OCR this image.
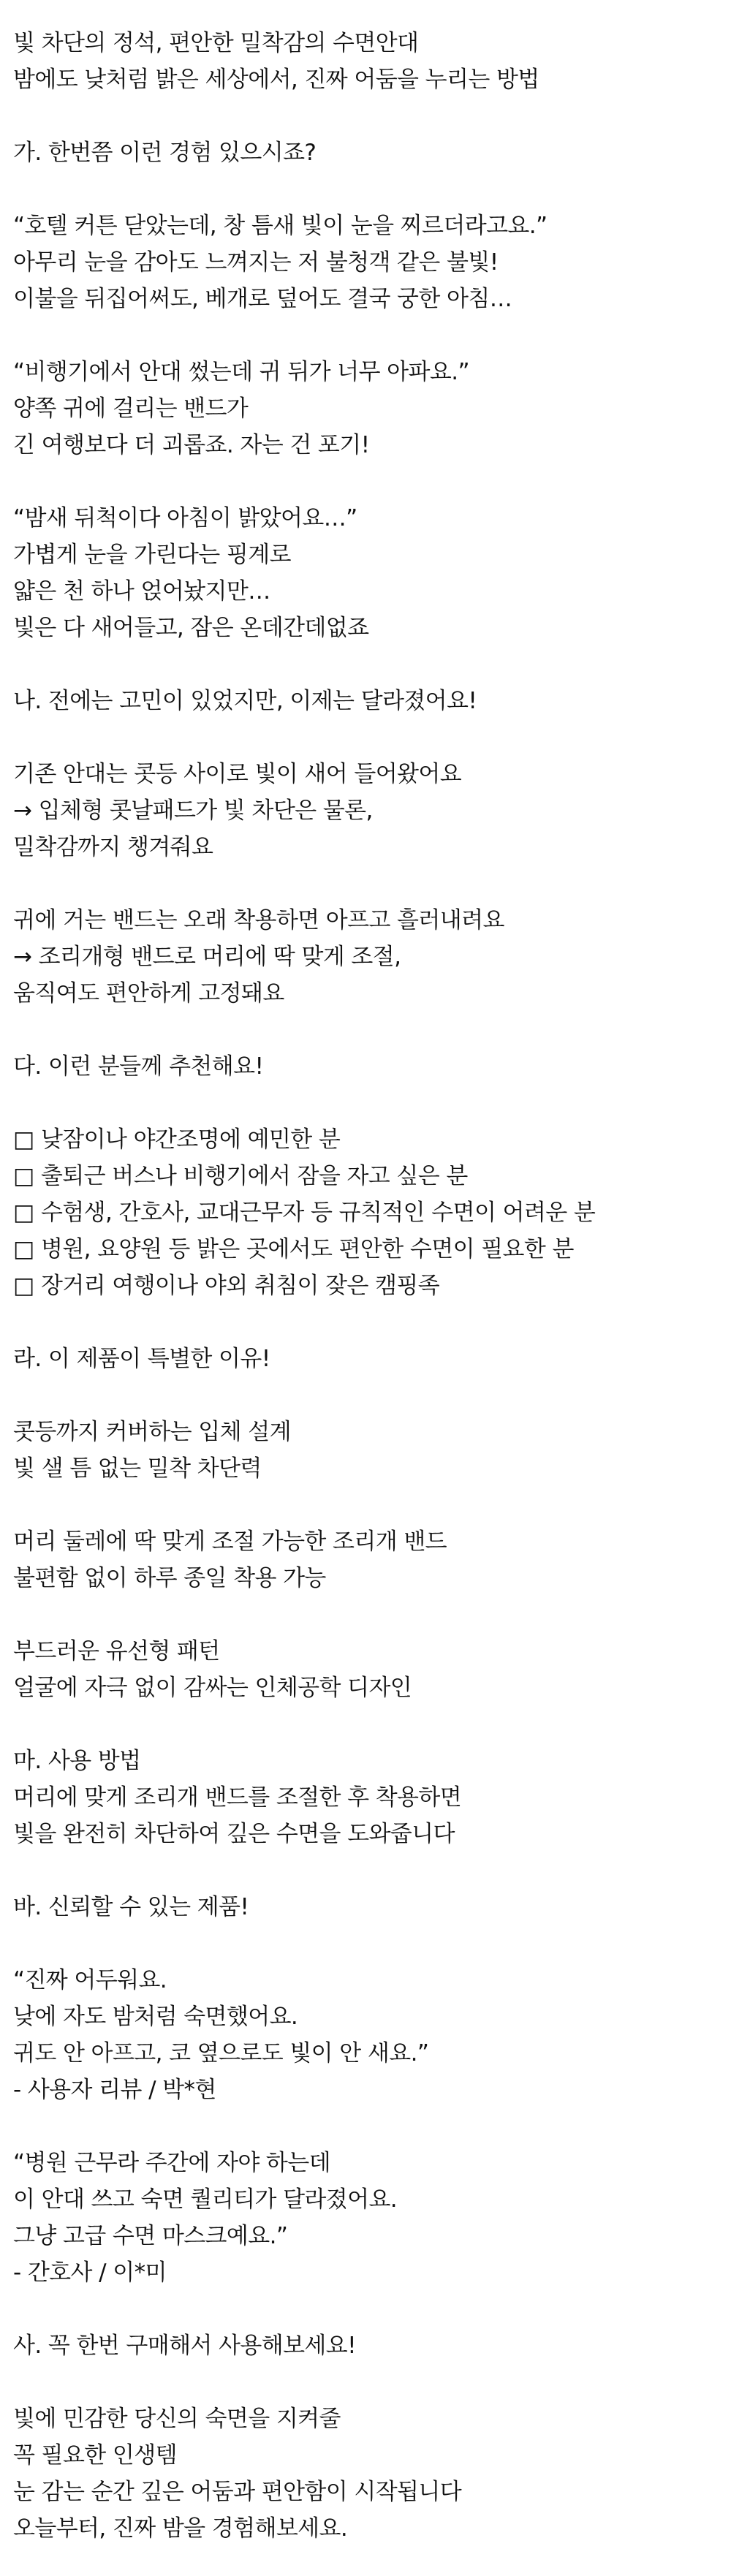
빛 차단의 정석, 편안한 밀착감의 수면안대
밤에도 낮처럼 밝은 세상에서, 진짜 어둠을 누리는 방법
가. 한번쯤 이런 경험 있으시죠?
“호텔 커튼 닫았는데, 창 틈새 빛이 눈을 찌르더라고요.”
아무리 눈을 감아도 느껴지는 저 불청객 같은 불빛!
이불을 뒤집어써도, 베개로 덮어도 결국 궁한 아침…
“비행기에서 안대 썼는데 귀 뒤가 너무 아파요.”
양쪽 귀에 걸리는 밴드가
긴 여행보다 더 괴롭죠. 자는 건 포기!
“밤새 뒤척이다 아침이 밝았어요…”
가볍게 눈을 가린다는 핑계로
얇은 천 하나 얹어놨지만…
빛은 다 새어들고, 잠은 온데간데없죠
나. 전에는 고민이 있었지만, 이제는 달라졌어요!
기존 안대는 콧등 사이로 빛이 새어 들어왔어요
→ 입체형 콧날패드가 빛 차단은 물론,
밀착감까지 챙겨줘요
귀에 거는 밴드는 오래 착용하면 아프고 흘러내려요
→ 조리개형 밴드로 머리에 딱 맞게 조절,
움직여도 편안하게 고정돼요
다. 이런 분들께 추천해요!
□ 낮잠이나 야간조명에 예민한 분
□ 출퇴근 버스나 비행기에서 잠을 자고 싶은 분
□ 수험생, 간호사, 교대근무자 등 규칙적인 수면이 어려운 분
□ 병원, 요양원 등 밝은 곳에서도 편안한 수면이 필요한 분
□ 장거리 여행이나 야외 취침이 잦은 캠핑족
라. 이 제품이 특별한 이유!
콧등까지 커버하는 입체 설계
빛 샐 틈 없는 밀착 차단력
머리 둘레에 딱 맞게 조절 가능한 조리개 밴드
불편함 없이 하루 종일 착용 가능
부드러운 유선형 패턴
얼굴에 자극 없이 감싸는 인체공학 디자인
마. 사용 방법
머리에 맞게 조리개 밴드를 조절한 후 착용하면
빛을 완전히 차단하여 깊은 수면을 도와줍니다
바. 신뢰할 수 있는 제품!
“진짜 어두워요.
낮에 자도 밤처럼 숙면했어요.
귀도 안 아프고, 코 옆으로도 빛이 안 새요.”
- 사용자 리뷰 / 박*현
“병원 근무라 주간에 자야 하는데
이 안대 쓰고 숙면 퀄리티가 달라졌어요.
그냥 고급 수면 마스크예요.”
- 간호사 / 이*미
사. 꼭 한번 구매해서 사용해보세요!
빛에 민감한 당신의 숙면을 지켜줄
꼭 필요한 인생템
눈 감는 순간 깊은 어둠과 편안함이 시작됩니다
오늘부터, 진짜 밤을 경험해보세요.
